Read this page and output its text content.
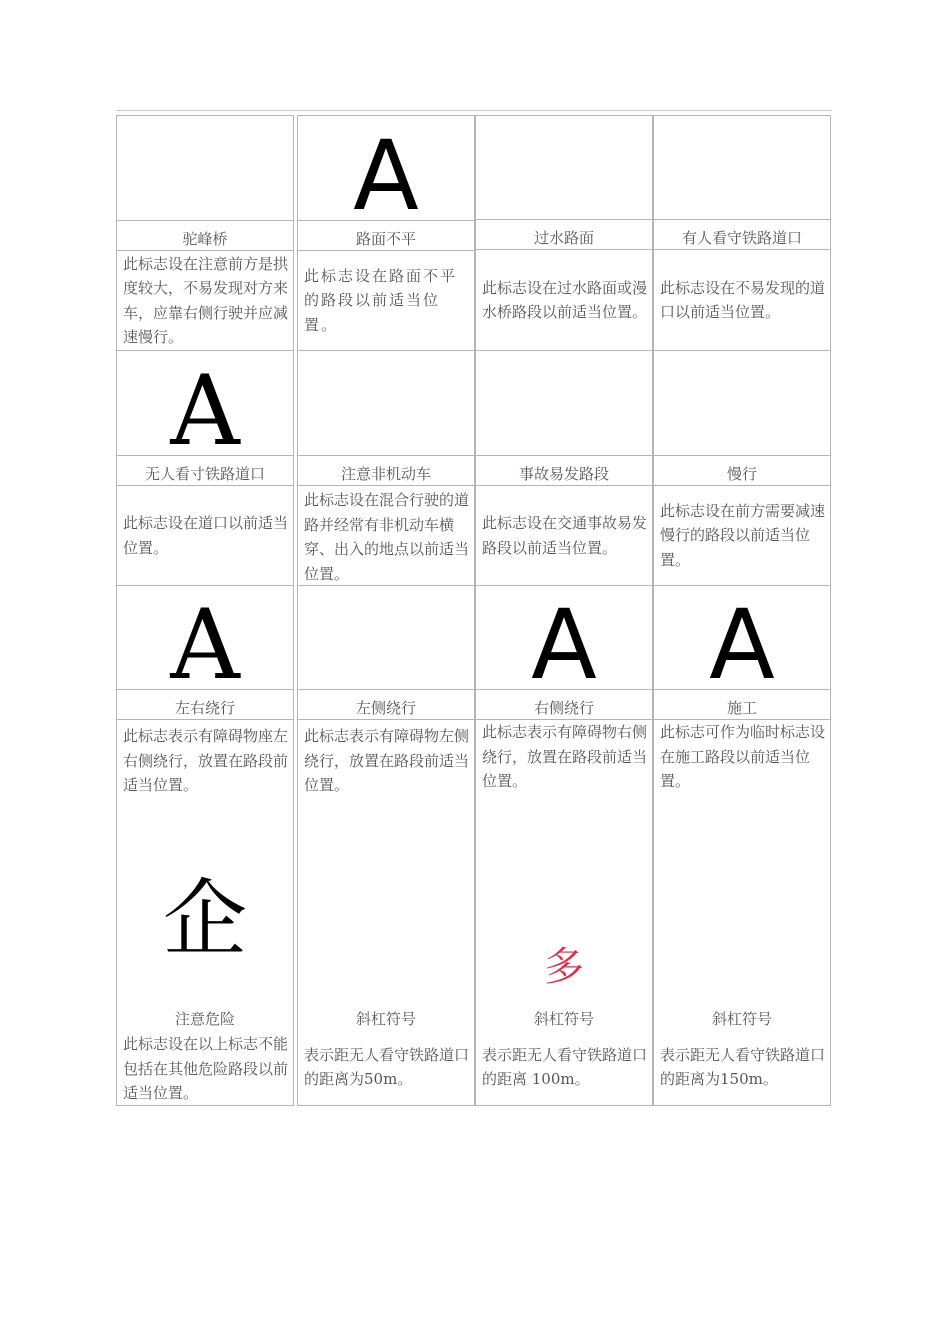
驼峰桥
此标志设在注意前方是拱度较大，不易发现对方来车，应靠右侧行驶并应减速慢行。
A
无人看寸铁路道口
此标志设在道口以前适当位置。
A
左右绕行
此标志表示有障碍物座左右侧绕行，放置在路段前适当位置。
企
注意危险
此标志设在以上标志不能包括在其他危险路段以前适当位置。
A
路面不平
此标志设在路面不平的路段以前适当位置。
注意非机动车
此标志设在混合行驶的道路并经常有非机动车横穿、出入的地点以前适当位置。
左侧绕行
此标志表示有障碍物左侧绕行，放置在路段前适当位置。
斜杠符号
表示距无人看守铁路道口的距离为50m。
过水路面
此标志设在过水路面或漫水桥路段以前适当位置。
事故易发路段
此标志设在交通事故易发路段以前适当位置。
A
右侧绕行
此标志表示有障碍物右侧绕行，放置在路段前适当位置。
多
斜杠符号
表示距无人看守铁路道口的距离 100m。
有人看守铁路道口
此标志设在不易发现的道口以前适当位置。
慢行
此标志设在前方需要减速慢行的路段以前适当位置。
A
施工
此标志可作为临时标志设在施工路段以前适当位置。
斜杠符号
表示距无人看守铁路道口的距离为150m。
